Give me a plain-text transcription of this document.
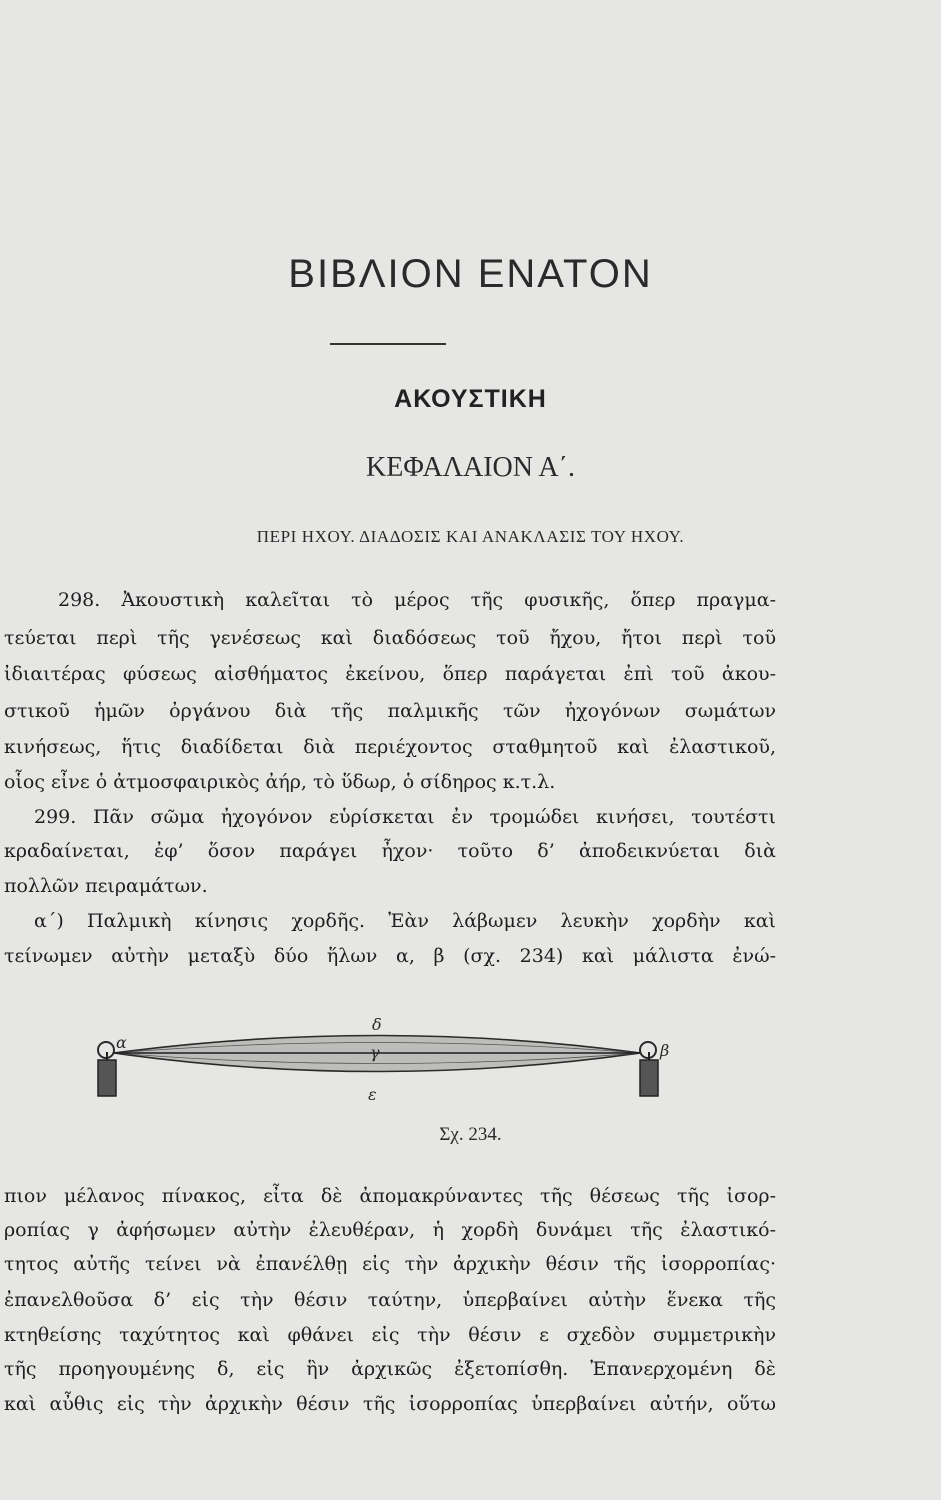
ΒΙΒΛΙΟΝ ΕΝΑΤΟΝ
ΑΚΟΥΣΤΙΚΗ
ΚΕΦΑΛΑΙΟΝ Α΄.
ΠΕΡΙ ΗΧΟΥ. ΔΙΑΔΟΣΙΣ ΚΑΙ ΑΝΑΚΛΑΣΙΣ ΤΟΥ ΗΧΟΥ.
298. Ἀκουστικὴ καλεῖται τὸ μέρος τῆς φυσικῆς, ὅπερ πραγμα-
τεύεται περὶ τῆς γενέσεως καὶ διαδόσεως τοῦ ἤχου, ἤτοι περὶ τοῦ
ἰδιαιτέρας φύσεως αἰσθήματος ἐκείνου, ὅπερ παράγεται ἐπὶ τοῦ ἀκου-
στικοῦ ἡμῶν ὀργάνου διὰ τῆς παλμικῆς τῶν ἠχογόνων σωμάτων
κινήσεως, ἥτις διαδίδεται διὰ περιέχοντος σταθμητοῦ καὶ ἐλαστικοῦ,
οἷος εἶνε ὁ ἀτμοσφαιρικὸς ἀήρ, τὸ ὕδωρ, ὁ σίδηρος κ.τ.λ.
299. Πᾶν σῶμα ἠχογόνον εὑρίσκεται ἐν τρομώδει κινήσει, τουτέστι
κραδαίνεται, ἐφ’ ὅσον παράγει ἦχον· τοῦτο δ’ ἀποδεικνύεται διὰ
πολλῶν πειραμάτων.
α΄) Παλμικὴ κίνησις χορδῆς. Ἐὰν λάβωμεν λευκὴν χορδὴν καὶ
τείνωμεν αὐτὴν μεταξὺ δύο ἥλων α, β (σχ. 234) καὶ μάλιστα ἐνώ-
α	β
γ
δ
ε
Σχ. 234.
πιον μέλανος πίνακος, εἶτα δὲ ἀπομακρύναντες τῆς θέσεως τῆς ἰσορ-
ροπίας γ ἀφήσωμεν αὐτὴν ἐλευθέραν, ἡ χορδὴ δυνάμει τῆς ἐλαστικό-
τητος αὐτῆς τείνει νὰ ἐπανέλθῃ εἰς τὴν ἀρχικὴν θέσιν τῆς ἰσορροπίας·
ἐπανελθοῦσα δ’ εἰς τὴν θέσιν ταύτην, ὑπερβαίνει αὐτὴν ἕνεκα τῆς
κτηθείσης ταχύτητος καὶ φθάνει εἰς τὴν θέσιν ε σχεδὸν συμμετρικὴν
τῆς προηγουμένης δ, εἰς ἣν ἀρχικῶς ἐξετοπίσθη. Ἐπανερχομένη δὲ
καὶ αὖθις εἰς τὴν ἀρχικὴν θέσιν τῆς ἰσορροπίας ὑπερβαίνει αὐτήν, οὕτω
